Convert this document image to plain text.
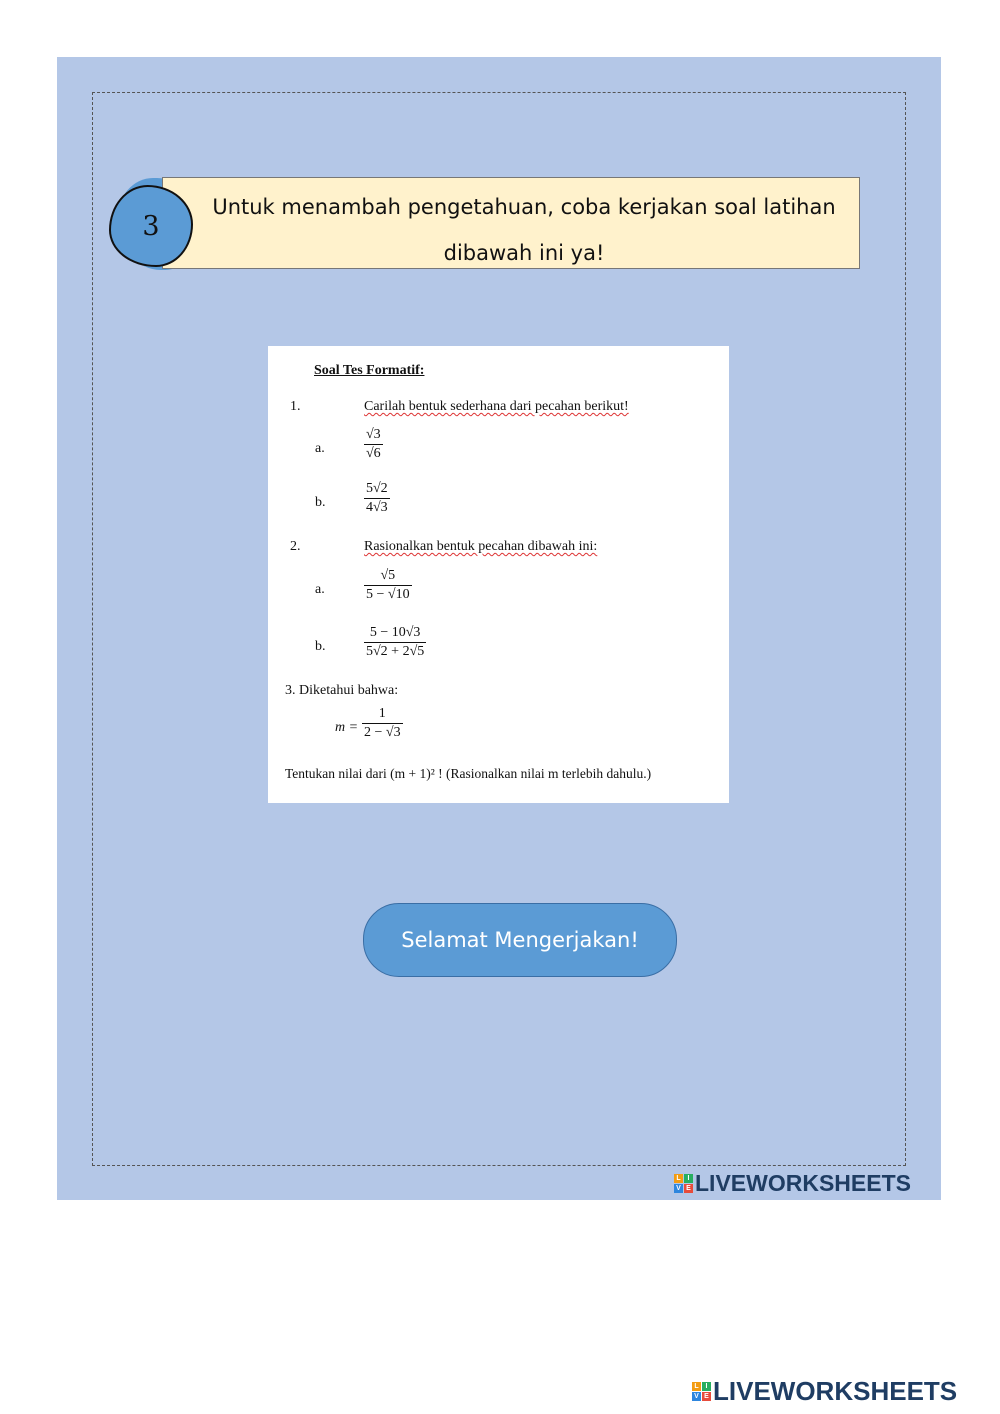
Untuk menambah pengetahuan, coba kerjakan soal latihan
dibawah ini ya!
3
Soal Tes Formatif:
1.	Carilah bentuk sederhana dari pecahan berikut!
a.	$\frac{√3}{√6}$
b.	$\frac{5√2}{4√3}$
2.	Rasionalkan bentuk pecahan dibawah ini:
a.	$\frac{√5}{5 - √10}$
b.	$\frac{5 - 10√3}{5√2 + 2√5}$
3. Diketahui bahwa:
$m = \frac{1}{2 - √3}$
Tentukan nilai dari (m + 1)² ! (Rasionalkan nilai m terlebih dahulu.)
Selamat Mengerjakan!
L I
V E LIVEWORKSHEETS
L I
V E LIVEWORKSHEETS
